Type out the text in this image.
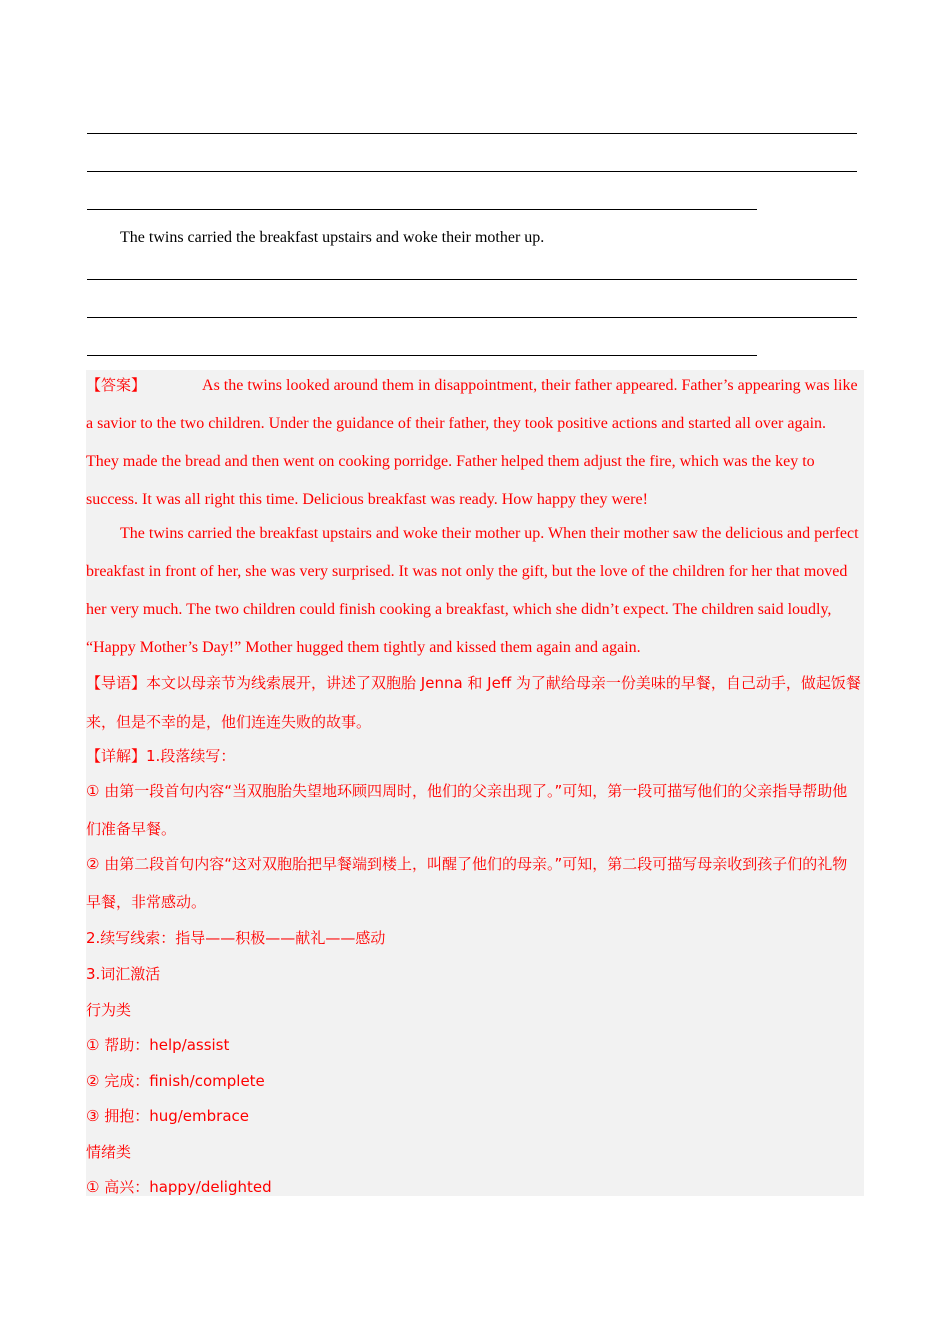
The twins carried the breakfast upstairs and woke their mother up.
【答案】	As the twins looked around them in disappointment, their father appeared. Father’s appearing was like a savior to the two children. Under the guidance of their father, they took positive actions and started all over again. They made the bread and then went on cooking porridge. Father helped them adjust the fire, which was the key to success. It was all right this time. Delicious breakfast was ready. How happy they were!
The twins carried the breakfast upstairs and woke their mother up. When their mother saw the delicious and perfect breakfast in front of her, she was very surprised. It was not only the gift, but the love of the children for her that moved her very much. The two children could finish cooking a breakfast, which she didn’t expect. The children said loudly, “Happy Mother’s Day!” Mother hugged them tightly and kissed them again and again.
【导语】本文以母亲节为线索展开，讲述了双胞胎 Jenna 和 Jeff 为了献给母亲一份美味的早餐，自己动手，做起饭餐来，但是不幸的是，他们连连失败的故事。
【详解】1.段落续写：
① 由第一段首句内容“当双胞胎失望地环顾四周时，他们的父亲出现了。”可知，第一段可描写他们的父亲指导帮助他们准备早餐。
② 由第二段首句内容“这对双胞胎把早餐端到楼上，叫醒了他们的母亲。”可知，第二段可描写母亲收到孩子们的礼物早餐，非常感动。
2.续写线索：指导——积极——献礼——感动
3.词汇激活
行为类
① 帮助：help/assist
② 完成：finish/complete
③ 拥抱：hug/embrace
情绪类
① 高兴：happy/delighted
